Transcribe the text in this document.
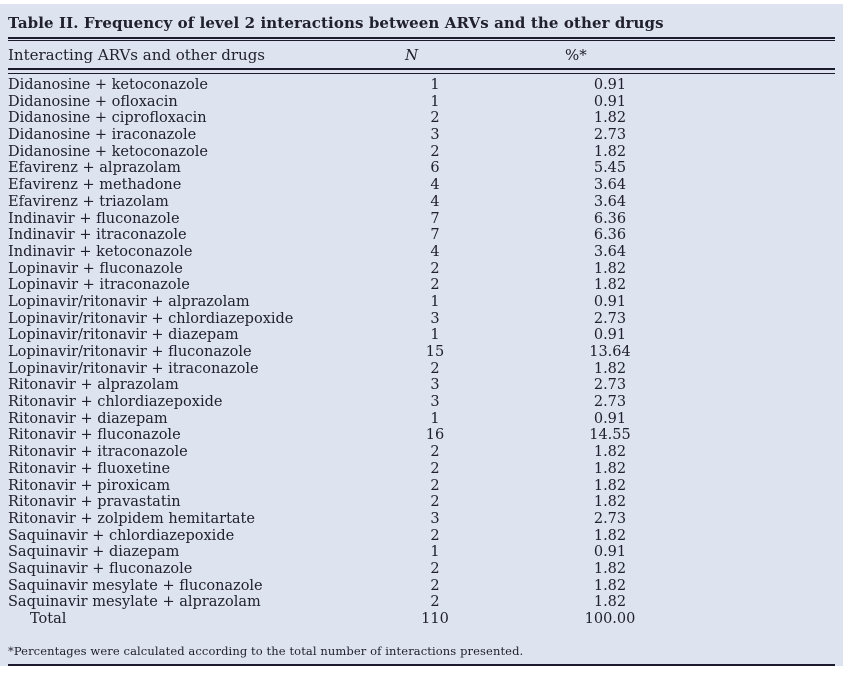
Table II. Frequency of level 2 interactions between ARVs and the other drugs
Interacting ARVs and other drugs	N	%*
Didanosine + ketoconazole	1	0.91
Didanosine + ofloxacin	1	0.91
Didanosine + ciprofloxacin	2	1.82
Didanosine + iraconazole	3	2.73
Didanosine + ketoconazole	2	1.82
Efavirenz + alprazolam	6	5.45
Efavirenz + methadone	4	3.64
Efavirenz + triazolam	4	3.64
Indinavir + fluconazole	7	6.36
Indinavir + itraconazole	7	6.36
Indinavir + ketoconazole	4	3.64
Lopinavir + fluconazole	2	1.82
Lopinavir + itraconazole	2	1.82
Lopinavir/ritonavir + alprazolam	1	0.91
Lopinavir/ritonavir + chlordiazepoxide	3	2.73
Lopinavir/ritonavir + diazepam	1	0.91
Lopinavir/ritonavir + fluconazole	15	13.64
Lopinavir/ritonavir + itraconazole	2	1.82
Ritonavir + alprazolam	3	2.73
Ritonavir + chlordiazepoxide	3	2.73
Ritonavir + diazepam	1	0.91
Ritonavir + fluconazole	16	14.55
Ritonavir + itraconazole	2	1.82
Ritonavir + fluoxetine	2	1.82
Ritonavir + piroxicam	2	1.82
Ritonavir + pravastatin	2	1.82
Ritonavir + zolpidem hemitartate	3	2.73
Saquinavir + chlordiazepoxide	2	1.82
Saquinavir + diazepam	1	0.91
Saquinavir + fluconazole	2	1.82
Saquinavir mesylate + fluconazole	2	1.82
Saquinavir mesylate + alprazolam	2	1.82
Total	110	100.00
*Percentages were calculated according to the total number of interactions presented.
